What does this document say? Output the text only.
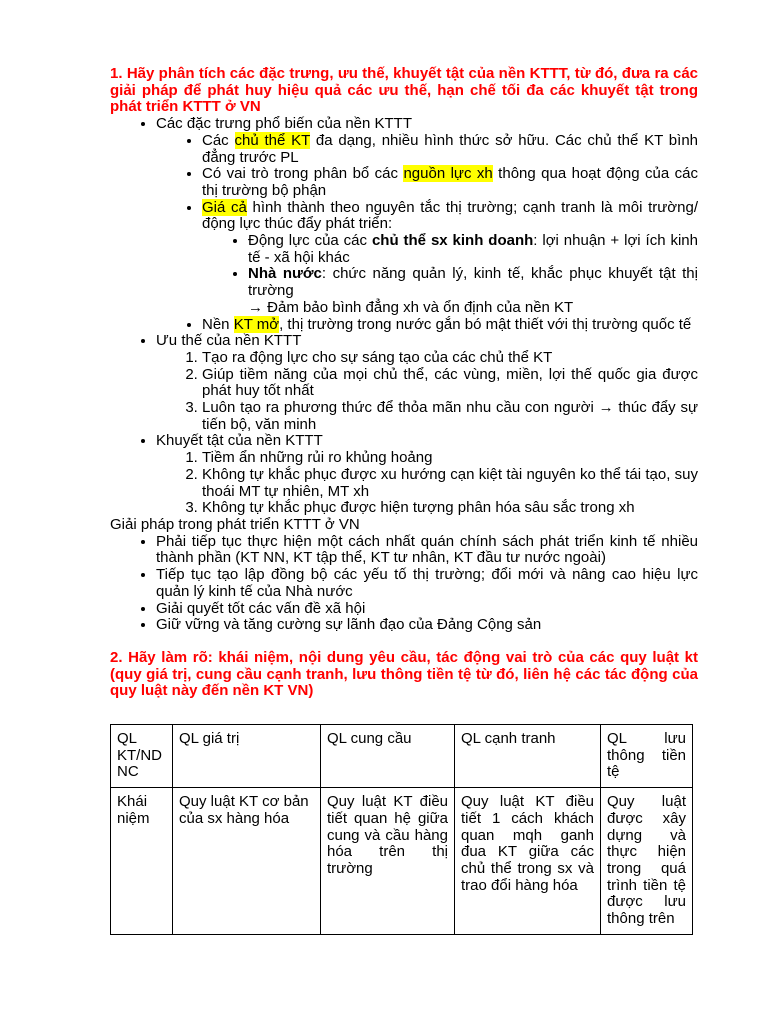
1. Hãy phân tích các đặc trưng, ưu thế, khuyết tật của nền KTTT, từ đó, đưa ra các giải pháp để phát huy hiệu quả các ưu thế, hạn chế tối đa các khuyết tật trong phát triển KTTT ở VN

• Các đặc trưng phổ biến của nền KTTT
• Các chủ thể KT đa dạng, nhiều hình thức sở hữu. Các chủ thể KT bình đẳng trước PL
• Có vai trò trong phân bổ các nguồn lực xh thông qua hoạt động của các thị trường bộ phận
• Giá cả hình thành theo nguyên tắc thị trường; cạnh tranh là môi trường/động lực thúc đẩy phát triển:
• Động lực của các chủ thể sx kinh doanh: lợi nhuận + lợi ích kinh tế - xã hội khác
• Nhà nước: chức năng quản lý, kinh tế, khắc phục khuyết tật thị trường
→ Đảm bảo bình đẳng xh và ổn định của nền KT
• Nền KT mở, thị trường trong nước gắn bó mật thiết với thị trường quốc tế
• Ưu thế của nền KTTT
1. Tạo ra động lực cho sự sáng tạo của các chủ thể KT
2. Giúp tiềm năng của mọi chủ thể, các vùng, miền, lợi thế quốc gia được phát huy tốt nhất
3. Luôn tạo ra phương thức để thỏa mãn nhu cầu con người → thúc đẩy sự tiến bộ, văn minh
• Khuyết tật của nền KTTT
1. Tiềm ẩn những rủi ro khủng hoảng
2. Không tự khắc phục được xu hướng cạn kiệt tài nguyên ko thể tái tạo, suy thoái MT tự nhiên, MT xh
3. Không tự khắc phục được hiện tượng phân hóa sâu sắc trong xh

Giải pháp trong phát triển KTTT ở VN

• Phải tiếp tục thực hiện một cách nhất quán chính sách phát triển kinh tế nhiều thành phần (KT NN, KT tập thể, KT tư nhân, KT đầu tư nước ngoài)
• Tiếp tục tạo lập đồng bộ các yếu tố thị trường; đổi mới và nâng cao hiệu lực quản lý kinh tế của Nhà nước
• Giải quyết tốt các vấn đề xã hội
• Giữ vững và tăng cường sự lãnh đạo của Đảng Cộng sản

2. Hãy làm rõ: khái niệm, nội dung yêu cầu, tác động vai trò của các quy luật kt (quy giá trị, cung cầu cạnh tranh, lưu thông tiền tệ từ đó, liên hệ các tác động của quy luật này đến nền KT VN)

QL KT/ND NC	QL giá trị	QL cung cầu	QL cạnh tranh	QL lưu thông tiền tệ
Khái niệm	Quy luật KT cơ bản của sx hàng hóa	Quy luật KT điều tiết quan hệ giữa cung và cầu hàng hóa trên thị trường	Quy luật KT điều tiết 1 cách khách quan mqh ganh đua KT giữa các chủ thể trong sx và trao đổi hàng hóa	Quy luật được xây dựng và thực hiện trong quá trình tiền tệ được lưu thông trên
